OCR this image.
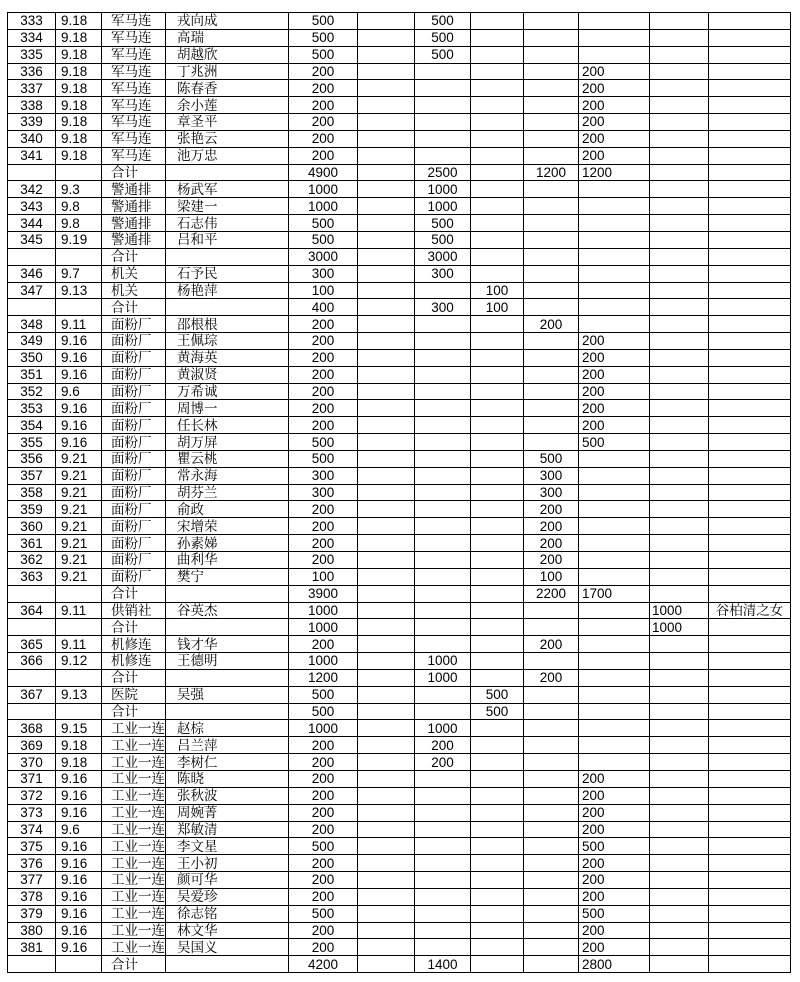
333	9.18	军马连	戎向成	500		500					
334	9.18	军马连	高瑞	500		500					
335	9.18	军马连	胡越欣	500		500					
336	9.18	军马连	丁兆洲	200					200		
337	9.18	军马连	陈春香	200					200		
338	9.18	军马连	余小莲	200					200		
339	9.18	军马连	章圣平	200					200		
340	9.18	军马连	张艳云	200					200		
341	9.18	军马连	池万忠	200					200		
		合计		4900		2500		1200	1200		
342	9.3	警通排	杨武军	1000		1000					
343	9.8	警通排	梁建一	1000		1000					
344	9.8	警通排	石志伟	500		500					
345	9.19	警通排	吕和平	500		500					
		合计		3000		3000					
346	9.7	机关	石予民	300		300					
347	9.13	机关	杨艳萍	100			100				
		合计		400		300	100				
348	9.11	面粉厂	邵根根	200				200			
349	9.16	面粉厂	王佩琮	200					200		
350	9.16	面粉厂	黄海英	200					200		
351	9.16	面粉厂	黄淑贤	200					200		
352	9.6	面粉厂	万希诚	200					200		
353	9.16	面粉厂	周博一	200					200		
354	9.16	面粉厂	任长林	200					200		
355	9.16	面粉厂	胡万屏	500					500		
356	9.21	面粉厂	瞿云桃	500				500			
357	9.21	面粉厂	常永海	300				300			
358	9.21	面粉厂	胡芬兰	300				300			
359	9.21	面粉厂	俞政	200				200			
360	9.21	面粉厂	宋增荣	200				200			
361	9.21	面粉厂	孙素娣	200				200			
362	9.21	面粉厂	曲利华	200				200			
363	9.21	面粉厂	樊宁	100				100			
		合计		3900				2200	1700		
364	9.11	供销社	谷英杰	1000						1000	谷柏清之女
		合计		1000						1000	
365	9.11	机修连	钱才华	200				200			
366	9.12	机修连	王德明	1000		1000					
		合计		1200		1000		200			
367	9.13	医院	吴强	500			500				
		合计		500			500				
368	9.15	工业一连	赵棕	1000		1000					
369	9.18	工业一连	吕兰萍	200		200					
370	9.18	工业一连	李树仁	200		200					
371	9.16	工业一连	陈晓	200					200		
372	9.16	工业一连	张秋波	200					200		
373	9.16	工业一连	周婉菁	200					200		
374	9.6	工业一连	郑敏清	200					200		
375	9.16	工业一连	李文星	500					500		
376	9.16	工业一连	王小初	200					200		
377	9.16	工业一连	颜可华	200					200		
378	9.16	工业一连	吴爱珍	200					200		
379	9.16	工业一连	徐志铭	500					500		
380	9.16	工业一连	林文华	200					200		
381	9.16	工业一连	吴国义	200					200		
		合计		4200		1400			2800		
